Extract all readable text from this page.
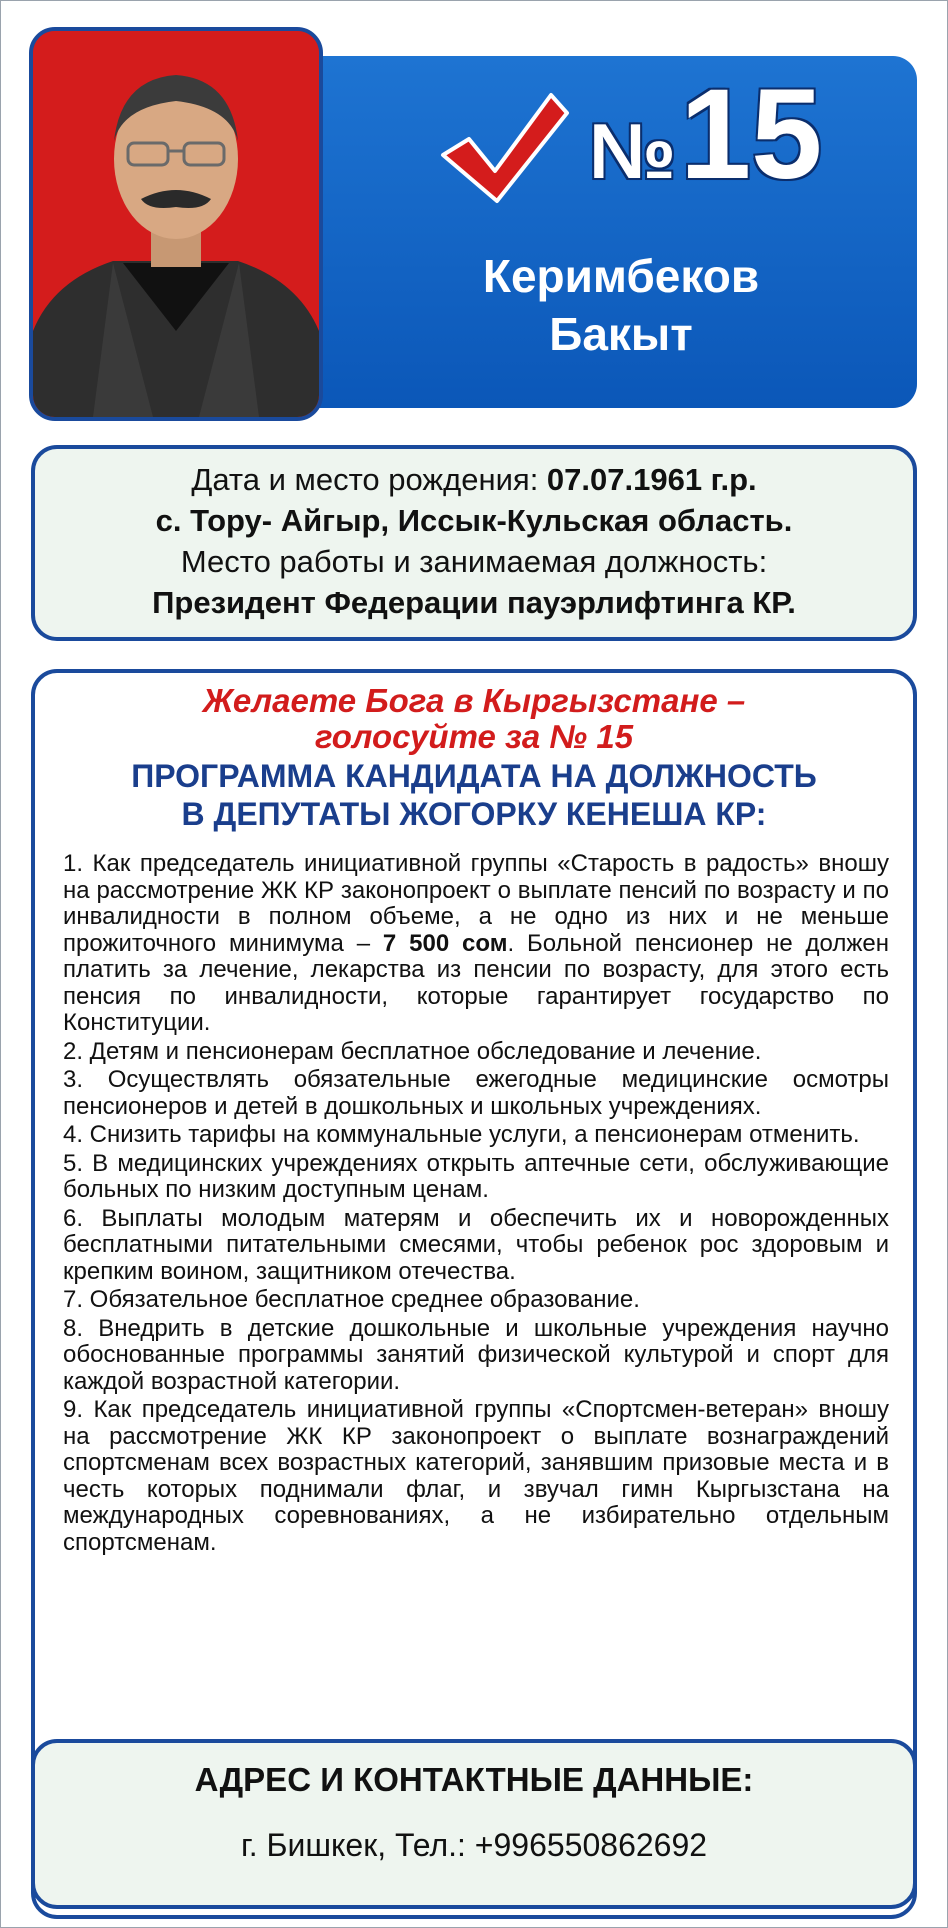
№ 15
Керимбеков
Бакыт
Дата и место рождения: 07.07.1961 г.р.
с. Тору- Айгыр, Иссык-Кульская область.
Место работы и занимаемая должность:
Президент Федерации пауэрлифтинга КР.
Желаете Бога в Кыргызстане –
голосуйте за № 15
ПРОГРАММА КАНДИДАТА НА ДОЛЖНОСТЬ
В ДЕПУТАТЫ ЖОГОРКУ КЕНЕША КР:

1. Как председатель инициативной группы «Старость в радость» вношу на рассмотрение ЖК КР законопроект о выплате пенсий по возрасту и по инвалидности в полном объеме, а не одно из них и не меньше прожиточного минимума – 7 500 сом. Больной пенсионер не должен платить за лечение, лекарства из пенсии по возрасту, для этого есть пенсия по инвалидности, которые гарантирует государство по Конституции.

2. Детям и пенсионерам бесплатное обследование и лечение.

3. Осуществлять обязательные ежегодные медицинские осмотры пенсионеров и детей в дошкольных и школьных учреждениях.

4. Снизить тарифы на коммунальные услуги, а пенсионерам отменить.

5. В медицинских учреждениях открыть аптечные сети, обслуживающие больных по низким доступным ценам.

6. Выплаты молодым матерям и обеспечить их и новорожденных бесплатными питательными смесями, чтобы ребенок рос здоровым и крепким воином, защитником отечества.

7. Обязательное бесплатное среднее образование.

8. Внедрить в детские дошкольные и школьные учреждения научно обоснованные программы занятий физической культурой и спорт для каждой возрастной категории.

9. Как председатель инициативной группы «Спортсмен-ветеран» вношу на рассмотрение ЖК КР законопроект о выплате вознаграждений спортсменам всех возрастных категорий, занявшим призовые места и в честь которых поднимали флаг, и звучал гимн Кыргызстана на международных соревнованиях, а не избирательно отдельным спортсменам.

АДРЕС И КОНТАКТНЫЕ ДАННЫЕ:
г. Бишкек, Тел.: +996550862692
